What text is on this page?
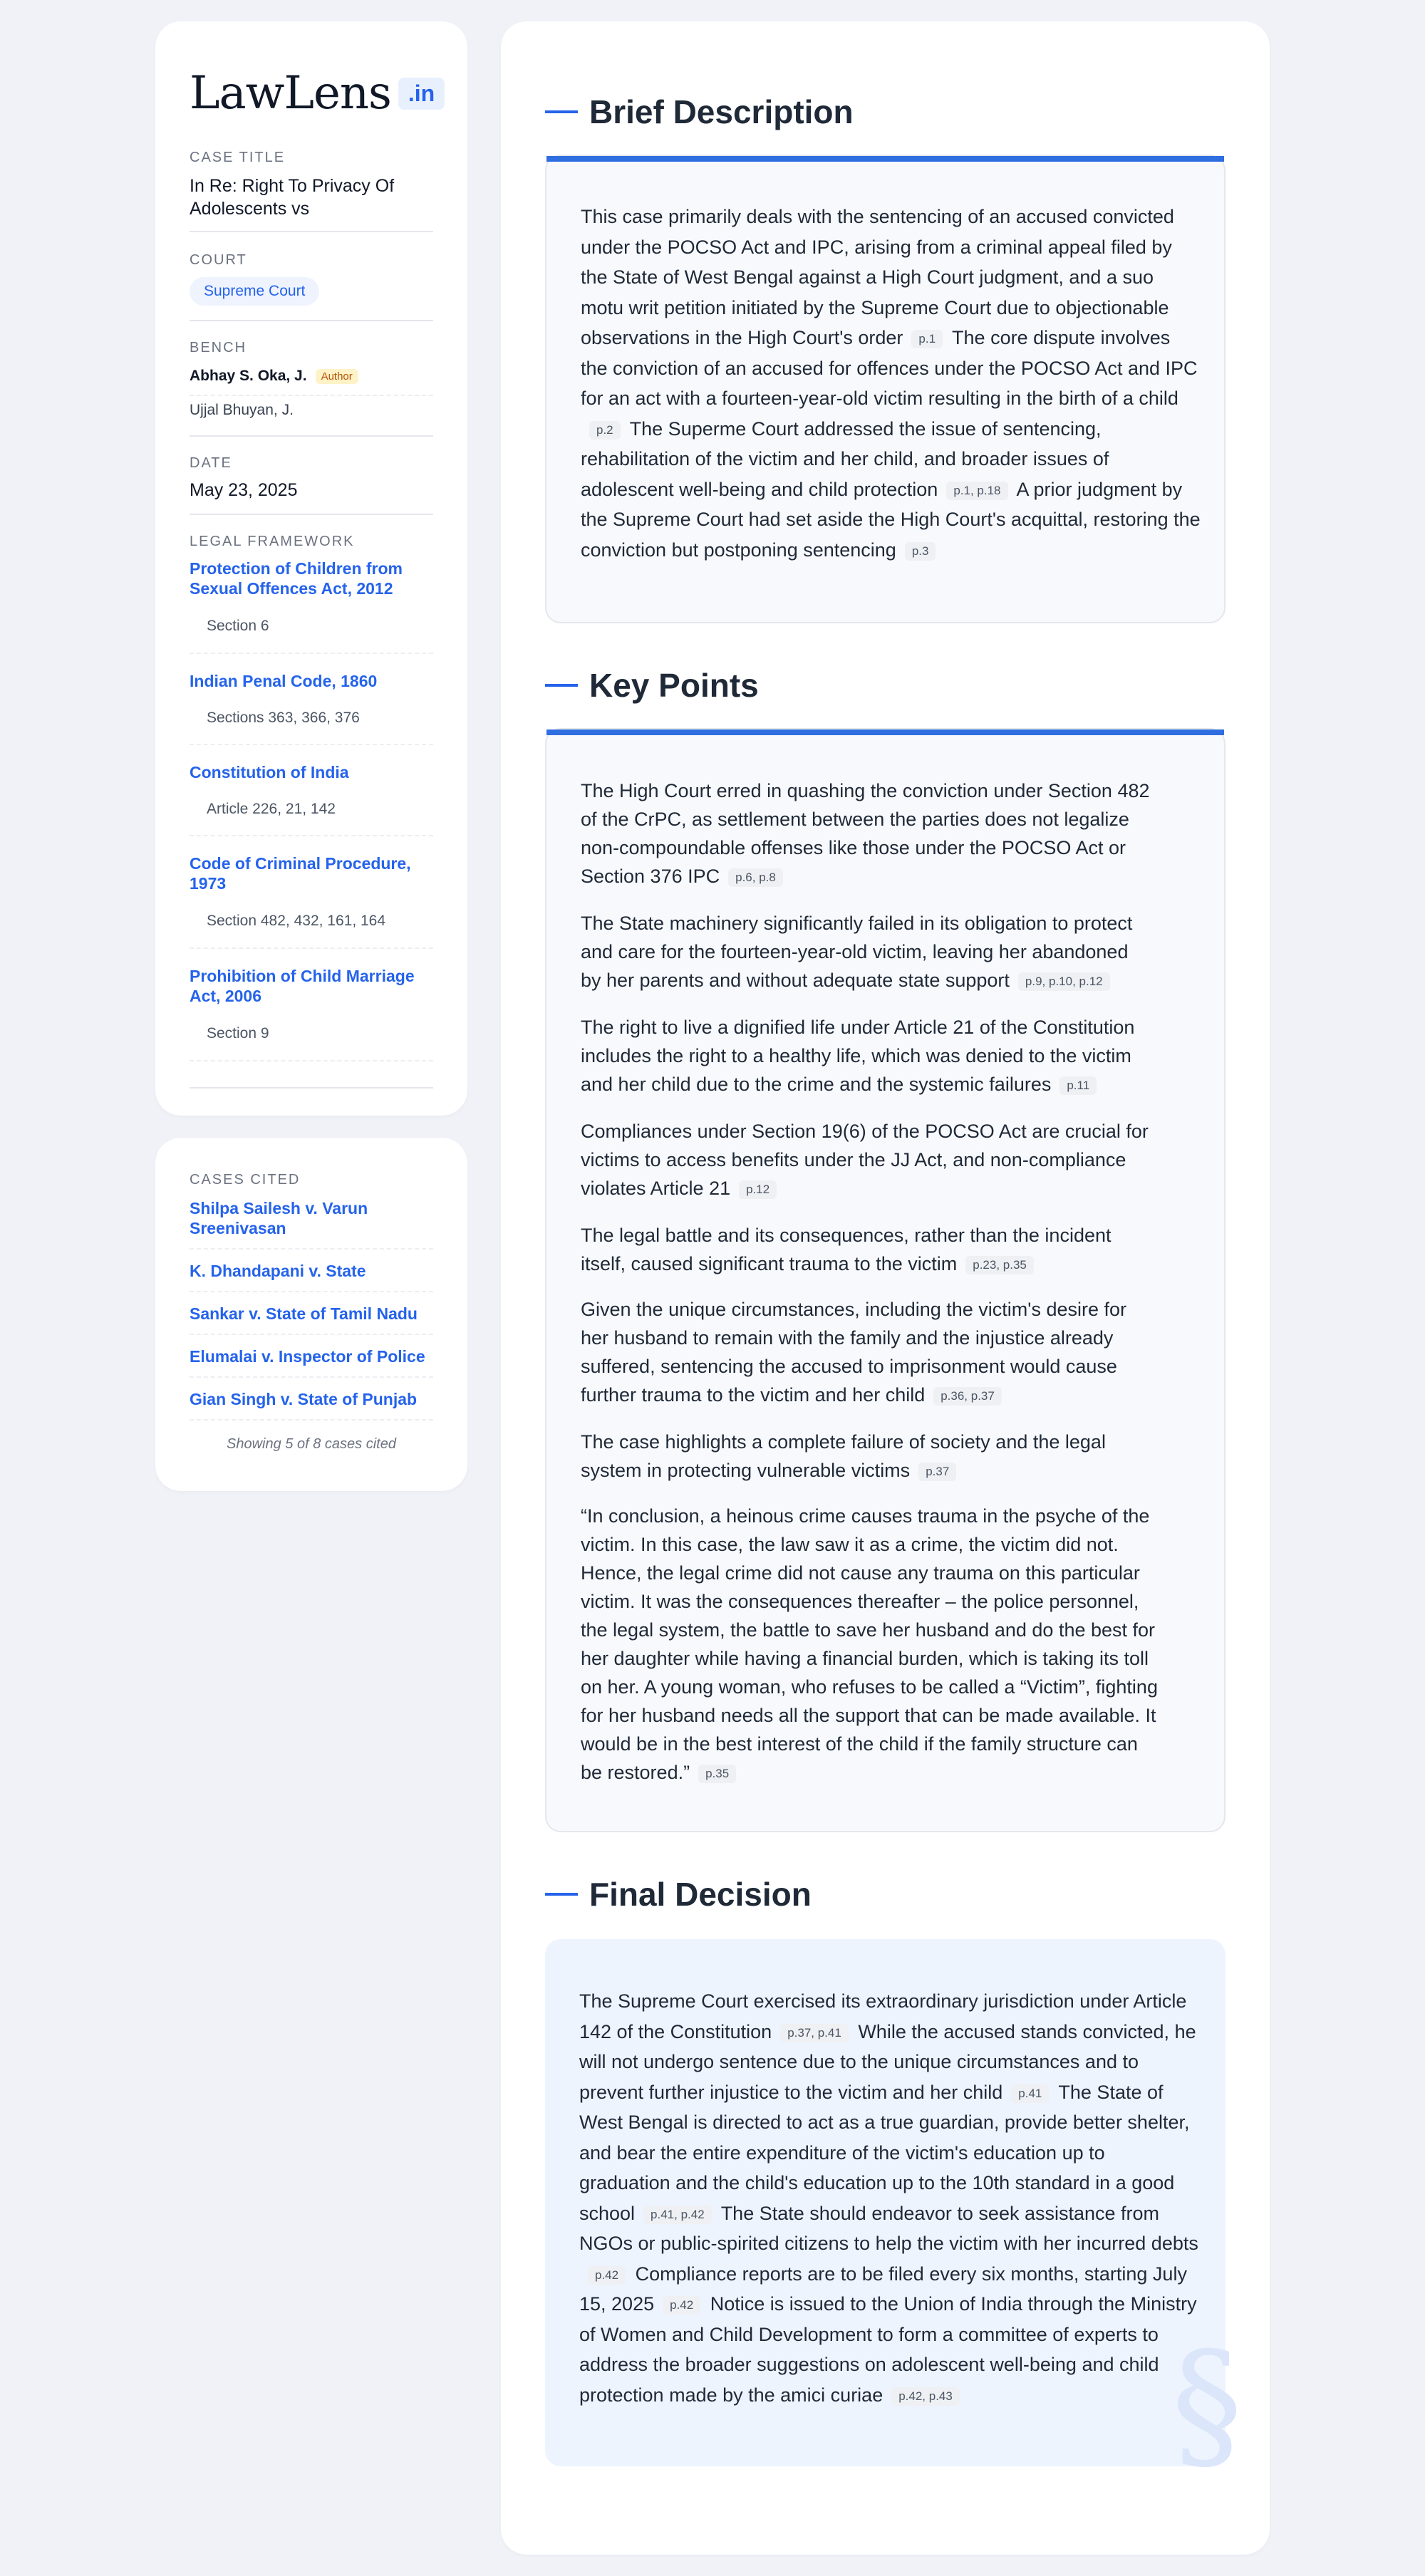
LawLens .in
CASE TITLE
In Re: Right To Privacy Of Adolescents vs
COURT
Supreme Court
BENCH
Abhay S. Oka, J. Author
Ujjal Bhuyan, J.
DATE
May 23, 2025
LEGAL FRAMEWORK
Protection of Children from Sexual Offences Act, 2012
Section 6
Indian Penal Code, 1860
Sections 363, 366, 376
Constitution of India
Article 226, 21, 142
Code of Criminal Procedure, 1973
Section 482, 432, 161, 164
Prohibition of Child Marriage Act, 2006
Section 9
CASES CITED
Shilpa Sailesh v. Varun Sreenivasan
K. Dhandapani v. State
Sankar v. State of Tamil Nadu
Elumalai v. Inspector of Police
Gian Singh v. State of Punjab
Showing 5 of 8 cases cited
Brief Description

This case primarily deals with the sentencing of an accused convicted under the POCSO Act and IPC, arising from a criminal appeal filed by the State of West Bengal against a High Court judgment, and a suo motu writ petition initiated by the Supreme Court due to objectionable observations in the High Court's order p.1 The core dispute involves the conviction of an accused for offences under the POCSO Act and IPC for an act with a fourteen-year-old victim resulting in the birth of a childp.2 The Superme Court addressed the issue of sentencing, rehabilitation of the victim and her child, and broader issues of adolescent well-being and child protection p.1, p.18 A prior judgment by the Supreme Court had set aside the High Court's acquittal, restoring the conviction but postponing sentencing p.3

Key Points

The High Court erred in quashing the conviction under Section 482 of the CrPC, as settlement between the parties does not legalize non-compoundable offenses like those under the POCSO Act or Section 376 IPC p.6, p.8

The State machinery significantly failed in its obligation to protect and care for the fourteen-year-old victim, leaving her abandoned by her parents and without adequate state support p.9, p.10, p.12

The right to live a dignified life under Article 21 of the Constitution includes the right to a healthy life, which was denied to the victim and her child due to the crime and the systemic failures p.11

Compliances under Section 19(6) of the POCSO Act are crucial for victims to access benefits under the JJ Act, and non-compliance violates Article 21 p.12

The legal battle and its consequences, rather than the incident itself, caused significant trauma to the victim p.23, p.35

Given the unique circumstances, including the victim's desire for her husband to remain with the family and the injustice already suffered, sentencing the accused to imprisonment would cause further trauma to the victim and her child p.36, p.37

The case highlights a complete failure of society and the legal system in protecting vulnerable victims p.37

“In conclusion, a heinous crime causes trauma in the psyche of the victim. In this case, the law saw it as a crime, the victim did not. Hence, the legal crime did not cause any trauma on this particular victim. It was the consequences thereafter – the police personnel, the legal system, the battle to save her husband and do the best for her daughter while having a financial burden, which is taking its toll on her. A young woman, who refuses to be called a “Victim”, fighting for her husband needs all the support that can be made available. It would be in the best interest of the child if the family structure can be restored.” p.35

Final Decision
§

The Supreme Court exercised its extraordinary jurisdiction under Article 142 of the Constitution p.37, p.41 While the accused stands convicted, he will not undergo sentence due to the unique circumstances and to prevent further injustice to the victim and her child p.41 The State of West Bengal is directed to act as a true guardian, provide better shelter, and bear the entire expenditure of the victim's education up to graduation and the child's education up to the 10th standard in a good school p.41, p.42 The State should endeavor to seek assistance from NGOs or public-spirited citizens to help the victim with her incurred debtsp.42 Compliance reports are to be filed every six months, starting July 15, 2025 p.42 Notice is issued to the Union of India through the Ministry of Women and Child Development to form a committee of experts to address the broader suggestions on adolescent well-being and child protection made by the amici curiae p.42, p.43
